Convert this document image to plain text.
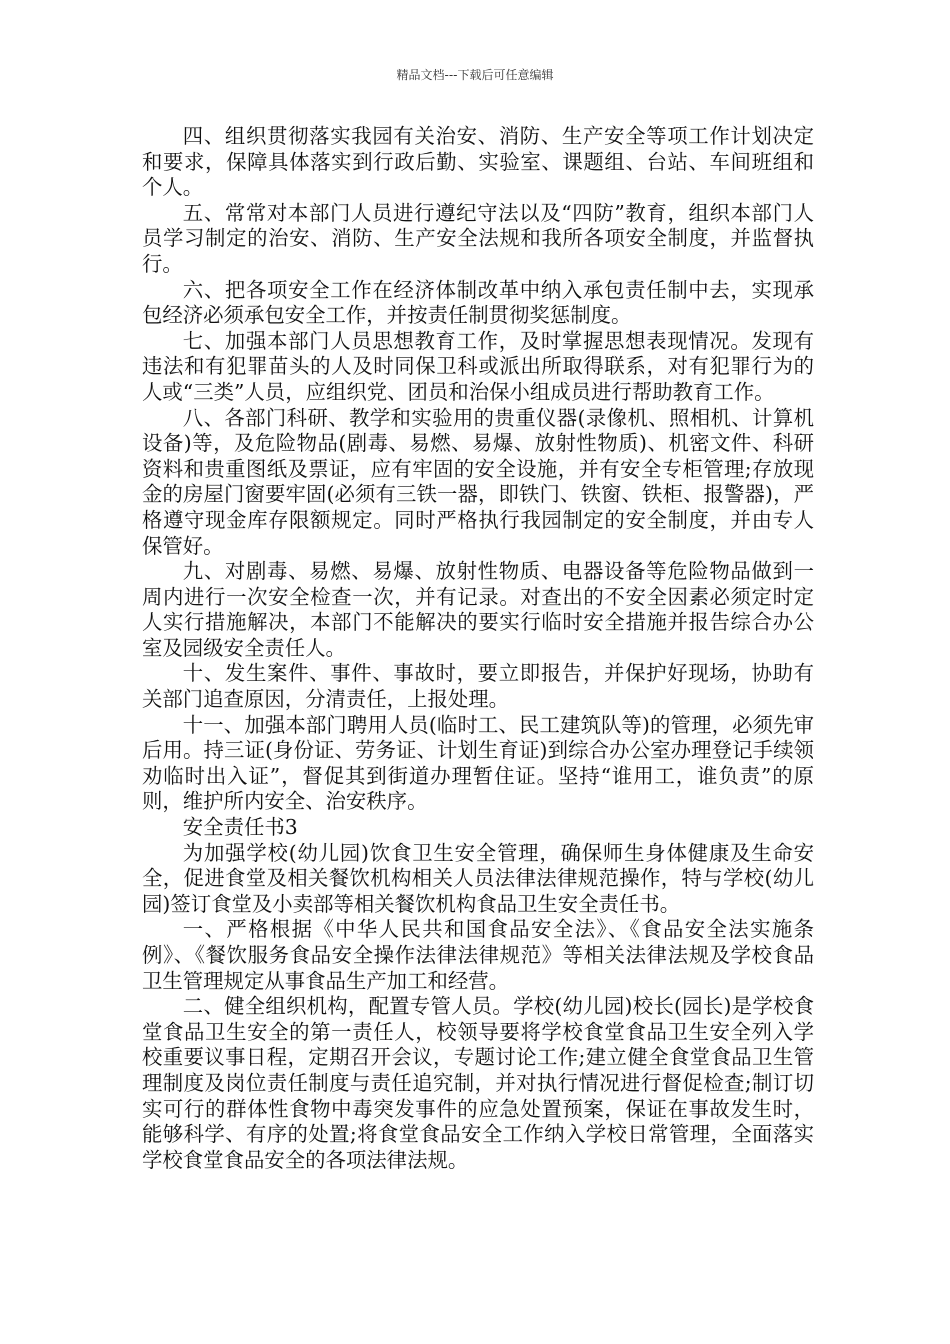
精品文档---下载后可任意编辑

四、组织贯彻落实我园有关治安、消防、生产安全等项工作计划决定和要求，保障具体落实到行政后勤、实验室、课题组、台站、车间班组和个人。

五、常常对本部门人员进行遵纪守法以及“四防”教育，组织本部门人员学习制定的治安、消防、生产安全法规和我所各项安全制度，并监督执行。

六、把各项安全工作在经济体制改革中纳入承包责任制中去，实现承包经济必须承包安全工作，并按责任制贯彻奖惩制度。

七、加强本部门人员思想教育工作，及时掌握思想表现情况。发现有违法和有犯罪苗头的人及时同保卫科或派出所取得联系，对有犯罪行为的人或“三类”人员，应组织党、团员和治保小组成员进行帮助教育工作。

八、各部门科研、教学和实验用的贵重仪器(录像机、照相机、计算机设备)等，及危险物品(剧毒、易燃、易爆、放射性物质)、机密文件、科研资料和贵重图纸及票证，应有牢固的安全设施，并有安全专柜管理;存放现金的房屋门窗要牢固(必须有三铁一器，即铁门、铁窗、铁柜、报警器)，严格遵守现金库存限额规定。同时严格执行我园制定的安全制度，并由专人保管好。

九、对剧毒、易燃、易爆、放射性物质、电器设备等危险物品做到一周内进行一次安全检查一次，并有记录。对查出的不安全因素必须定时定人实行措施解决，本部门不能解决的要实行临时安全措施并报告综合办公室及园级安全责任人。

十、发生案件、事件、事故时，要立即报告，并保护好现场，协助有关部门追查原因，分清责任，上报处理。

十一、加强本部门聘用人员(临时工、民工建筑队等)的管理，必须先审后用。持三证(身份证、劳务证、计划生育证)到综合办公室办理登记手续领劝临时出入证”，督促其到街道办理暂住证。坚持“谁用工，谁负责”的原则，维护所内安全、治安秩序。

安全责任书3

为加强学校(幼儿园)饮食卫生安全管理，确保师生身体健康及生命安全，促进食堂及相关餐饮机构相关人员法律法律规范操作，特与学校(幼儿园)签订食堂及小卖部等相关餐饮机构食品卫生安全责任书。

一、严格根据《中华人民共和国食品安全法》、《食品安全法实施条例》、《餐饮服务食品安全操作法律法律规范》等相关法律法规及学校食品卫生管理规定从事食品生产加工和经营。

二、健全组织机构，配置专管人员。学校(幼儿园)校长(园长)是学校食堂食品卫生安全的第一责任人，校领导要将学校食堂食品卫生安全列入学校重要议事日程，定期召开会议，专题讨论工作;建立健全食堂食品卫生管理制度及岗位责任制度与责任追究制，并对执行情况进行督促检查;制订切实可行的群体性食物中毒突发事件的应急处置预案，保证在事故发生时，能够科学、有序的处置;将食堂食品安全工作纳入学校日常管理，全面落实学校食堂食品安全的各项法律法规。
